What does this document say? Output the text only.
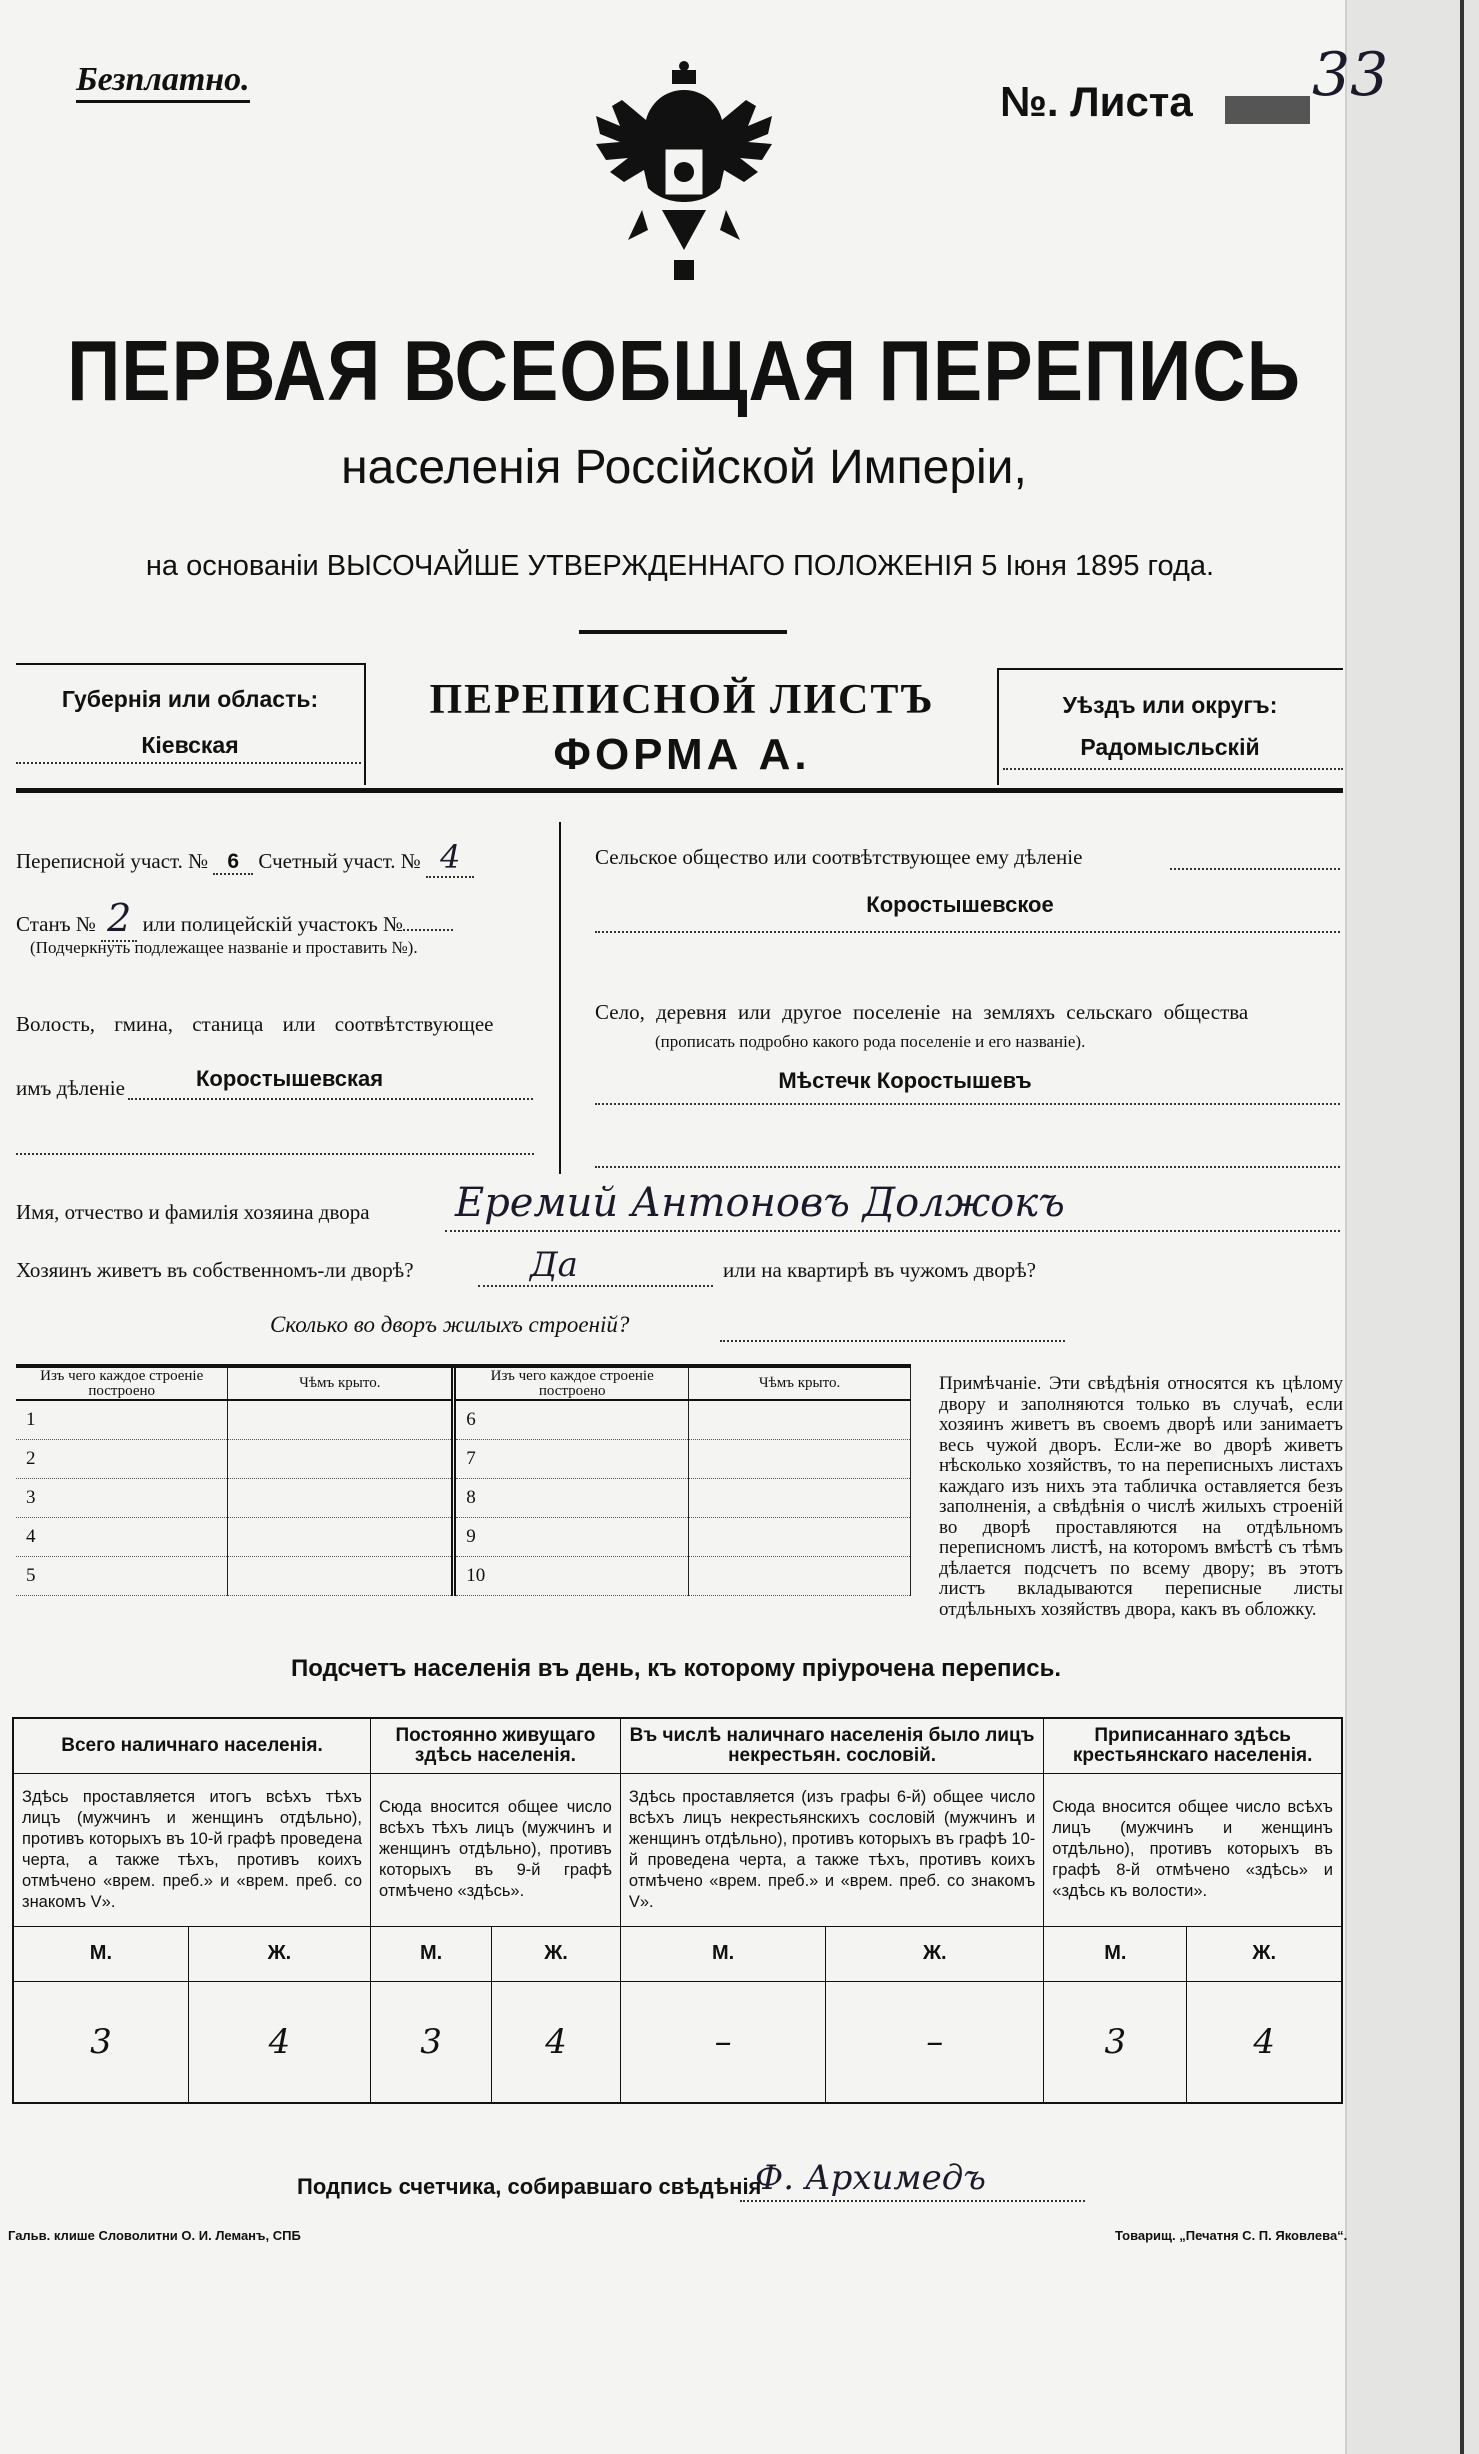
Безплатно.	№. Листа 33
ПЕРВАЯ ВСЕОБЩАЯ ПЕРЕПИСЬ
населенія Россійской Имперіи,
на основаніи ВЫСОЧАЙШЕ УТВЕРЖДЕННАГО ПОЛОЖЕНІЯ 5 Іюня 1895 года.
Губернія или область:
Кіевская
ПЕРЕПИСНОЙ ЛИСТЪ
ФОРМА А.
Уѣздъ или округъ:
Радомысльскій
Переписной участ. № 6 Счетный участ. № 4
Станъ № 2 или полицейскій участокъ №
(Подчеркнуть подлежащее названіе и проставить №).
Волость, гмина, станица или соотвѣтствующее
имъ дѣленіе	Коростышевская
Сельское общество или соотвѣтствующее ему дѣленіе
Коростышевское
Село, деревня или другое поселеніе на земляхъ сельскаго общества
(прописать подробно какого рода поселеніе и его названіе).
Мѣстечк Коростышевъ
Имя, отчество и фамилія хозяина двора Еремий Антоновъ Должокъ
Хозяинъ живетъ въ собственномъ-ли дворѣ?	Да	или на квартирѣ въ чужомъ дворѣ?
Сколько во дворъ жилыхъ строеній?
Изъ чего каждое строеніе построено	Чѣмъ крыто.	Изъ чего каждое строеніе построено	Чѣмъ крыто.
1		6	
2		7	
3		8	
4		9	
5		10	
Примѣчаніе. Эти свѣдѣнія относятся къ цѣлому двору и заполняются только въ случаѣ, если хозяинъ живетъ въ своемъ дворѣ или занимаетъ весь чужой дворъ. Если-же во дворѣ живетъ нѣсколько хозяйствъ, то на переписныхъ листахъ каждаго изъ нихъ эта табличка оставляется безъ заполненія, а свѣдѣнія о числѣ жилыхъ строеній во дворѣ проставляются на отдѣльномъ переписномъ листѣ, на которомъ вмѣстѣ съ тѣмъ дѣлается подсчетъ по всему двору; въ этотъ листъ вкладываются переписные листы отдѣльныхъ хозяйствъ двора, какъ въ обложку.
Подсчетъ населенія въ день, къ которому пріурочена перепись.
Всего наличнаго населенія.		Постоянно живущаго здѣсь населенія.		Въ числѣ наличнаго населенія было лицъ некрестьян. сословій.		Приписаннаго здѣсь крестьянскаго населенія.	
Здѣсь проставляется итогъ всѣхъ тѣхъ лицъ (мужчинъ и женщинъ отдѣльно), противъ которыхъ въ 10-й графѣ проведена черта, а также тѣхъ, противъ коихъ отмѣчено «врем. преб.» и «врем. преб. со знакомъ V».		Сюда вносится общее число всѣхъ тѣхъ лицъ (мужчинъ и женщинъ отдѣльно), противъ которыхъ въ 9-й графѣ отмѣчено «здѣсь».		Здѣсь проставляется (изъ графы 6-й) общее число всѣхъ лицъ некрестьянскихъ сословій (мужчинъ и женщинъ отдѣльно), противъ которыхъ въ графѣ 10-й проведена черта, а также тѣхъ, противъ коихъ отмѣчено «врем. преб.» и «врем. преб. со знакомъ V».		Сюда вносится общее число всѣхъ лицъ (мужчинъ и женщинъ отдѣльно), противъ которыхъ въ графѣ 8-й отмѣчено «здѣсь» и «здѣсь къ волости».	
М.	Ж.	М.	Ж.	М.	Ж.	М.	Ж.
3	4	3	4	–	–	3	4
Подпись счетчика, собиравшаго свѣдѣнія
Ф. Архимедъ
Гальв. клише Словолитни О. И. Леманъ, СПБ	Товарищ. „Печатня С. П. Яковлева“.
